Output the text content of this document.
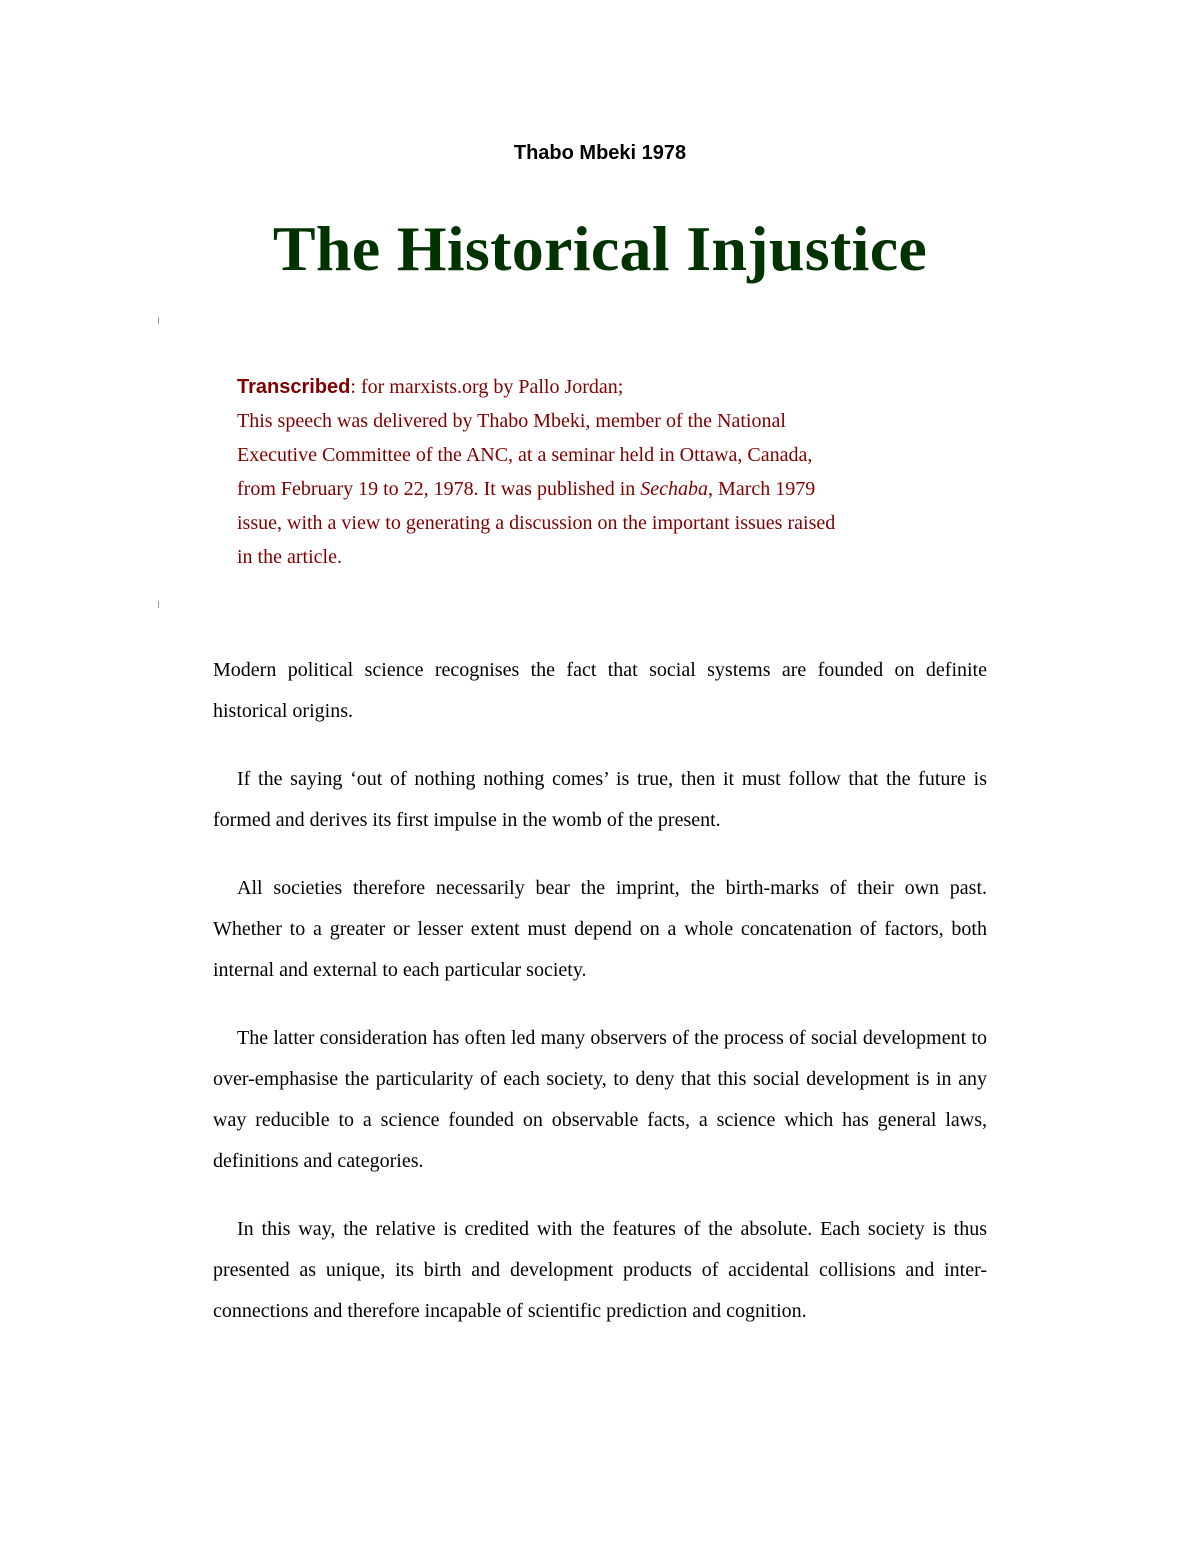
Thabo Mbeki 1978
The Historical Injustice
Transcribed: for marxists.org by Pallo Jordan;
This speech was delivered by Thabo Mbeki, member of the National
Executive Committee of the ANC, at a seminar held in Ottawa, Canada,
from February 19 to 22, 1978. It was published in Sechaba, March 1979
issue, with a view to generating a discussion on the important issues raised
in the article.

Modern political science recognises the fact that social systems are founded on definite historical origins.

If the saying ‘out of nothing nothing comes’ is true, then it must follow that the future is formed and derives its first impulse in the womb of the present.

All societies therefore necessarily bear the imprint, the birth-marks of their own past. Whether to a greater or lesser extent must depend on a whole concatenation of factors, both internal and external to each particular society.

The latter consideration has often led many observers of the process of social development to over-emphasise the particularity of each society, to deny that this social development is in any way reducible to a science founded on observable facts, a science which has general laws, definitions and categories.

In this way, the relative is credited with the features of the absolute. Each society is thus presented as unique, its birth and development products of accidental collisions and inter-connections and therefore incapable of scientific prediction and cognition.
